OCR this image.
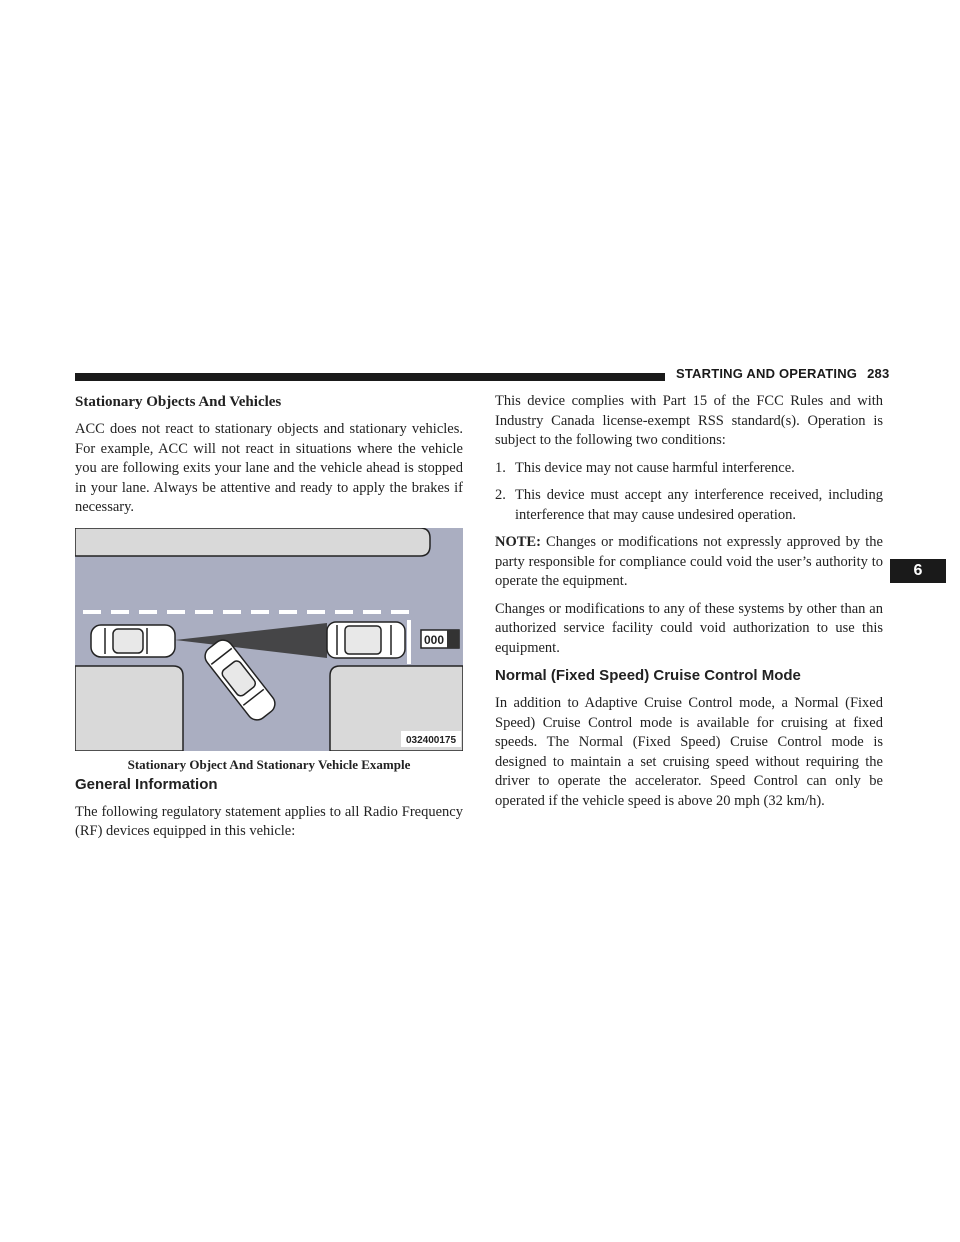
STARTING AND OPERATING 283
6
Stationary Objects And Vehicles

ACC does not react to stationary objects and stationary vehicles. For example, ACC will not react in situations where the vehicle you are following exits your lane and the vehicle ahead is stopped in your lane. Always be attentive and ready to apply the brakes if necessary.

000
032400175
Stationary Object And Stationary Vehicle Example
General Information

The following regulatory statement applies to all Radio Frequency (RF) devices equipped in this vehicle:

This device complies with Part 15 of the FCC Rules and with Industry Canada license-exempt RSS standard(s). Operation is subject to the following two conditions:

1. This device may not cause harmful interference.
2. This device must accept any interference received, including interference that may cause undesired operation.

NOTE: Changes or modifications not expressly approved by the party responsible for compliance could void the user’s authority to operate the equipment.

Changes or modifications to any of these systems by other than an authorized service facility could void authorization to use this equipment.

Normal (Fixed Speed) Cruise Control Mode

In addition to Adaptive Cruise Control mode, a Normal (Fixed Speed) Cruise Control mode is available for cruising at fixed speeds. The Normal (Fixed Speed) Cruise Control mode is designed to maintain a set cruising speed without requiring the driver to operate the accelerator. Speed Control can only be operated if the vehicle speed is above 20 mph (32 km/h).
